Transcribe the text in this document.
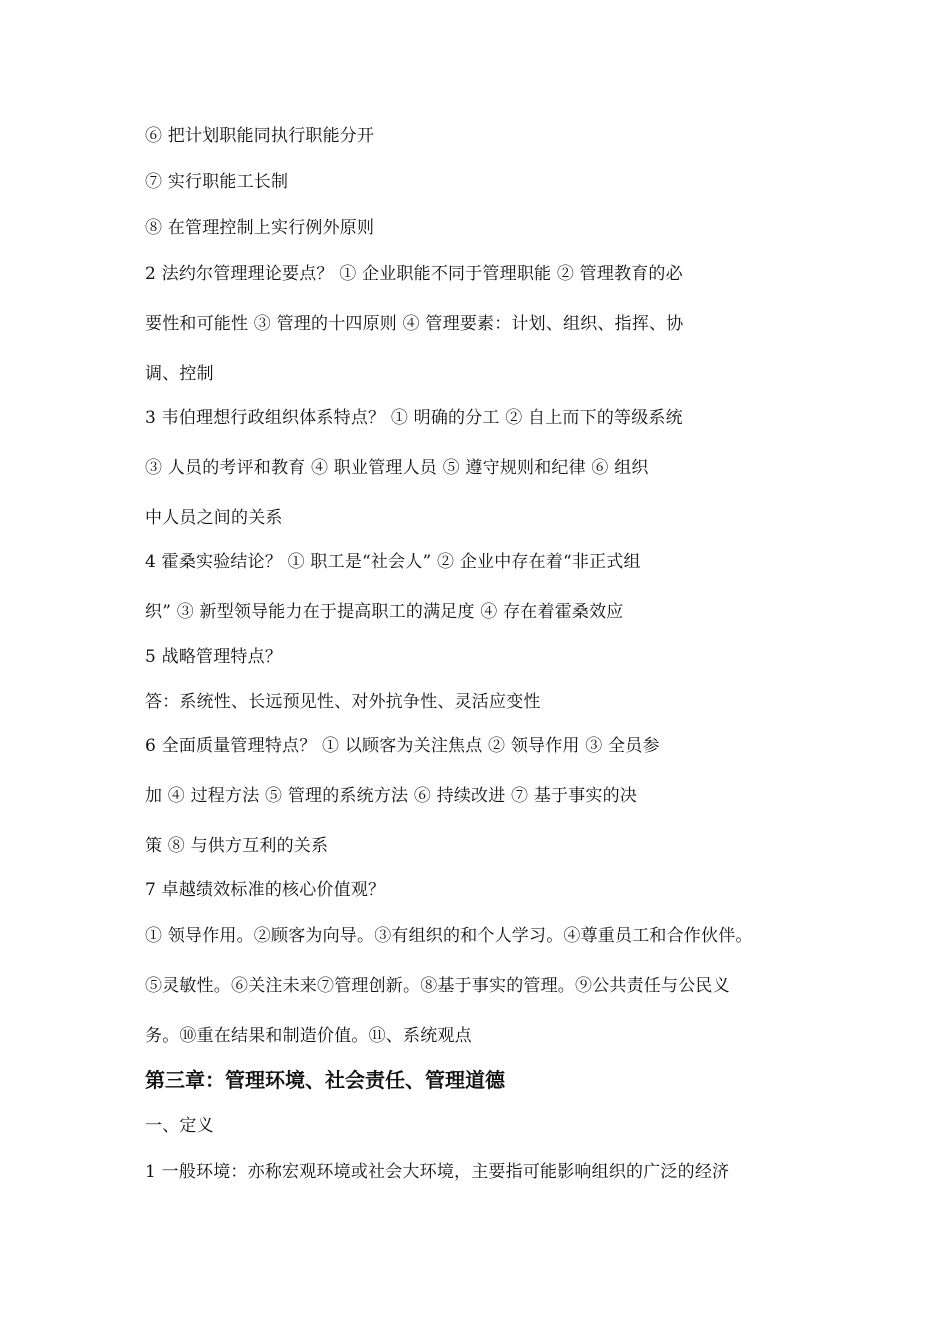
⑥ 把计划职能同执行职能分开
⑦ 实行职能工长制
⑧ 在管理控制上实行例外原则
2 法约尔管理理论要点？ ① 企业职能不同于管理职能 ② 管理教育的必
要性和可能性 ③ 管理的十四原则 ④ 管理要素：计划、组织、指挥、协
调、控制
3 韦伯理想行政组织体系特点？ ① 明确的分工 ② 自上而下的等级系统
③ 人员的考评和教育 ④ 职业管理人员 ⑤ 遵守规则和纪律 ⑥ 组织
中人员之间的关系
4 霍桑实验结论？ ① 职工是“社会人” ② 企业中存在着“非正式组
织” ③ 新型领导能力在于提高职工的满足度 ④ 存在着霍桑效应
5 战略管理特点？
答：系统性、长远预见性、对外抗争性、灵活应变性
6 全面质量管理特点？ ① 以顾客为关注焦点 ② 领导作用 ③ 全员参
加 ④ 过程方法 ⑤ 管理的系统方法 ⑥ 持续改进 ⑦ 基于事实的决
策 ⑧ 与供方互利的关系
7 卓越绩效标准的核心价值观？
① 领导作用。②顾客为向导。③有组织的和个人学习。④尊重员工和合作伙伴。
⑤灵敏性。⑥关注未来⑦管理创新。⑧基于事实的管理。⑨公共责任与公民义
务。⑩重在结果和制造价值。⑪、系统观点
第三章：管理环境、社会责任、管理道德
一、定义
1 一般环境：亦称宏观环境或社会大环境，主要指可能影响组织的广泛的经济
